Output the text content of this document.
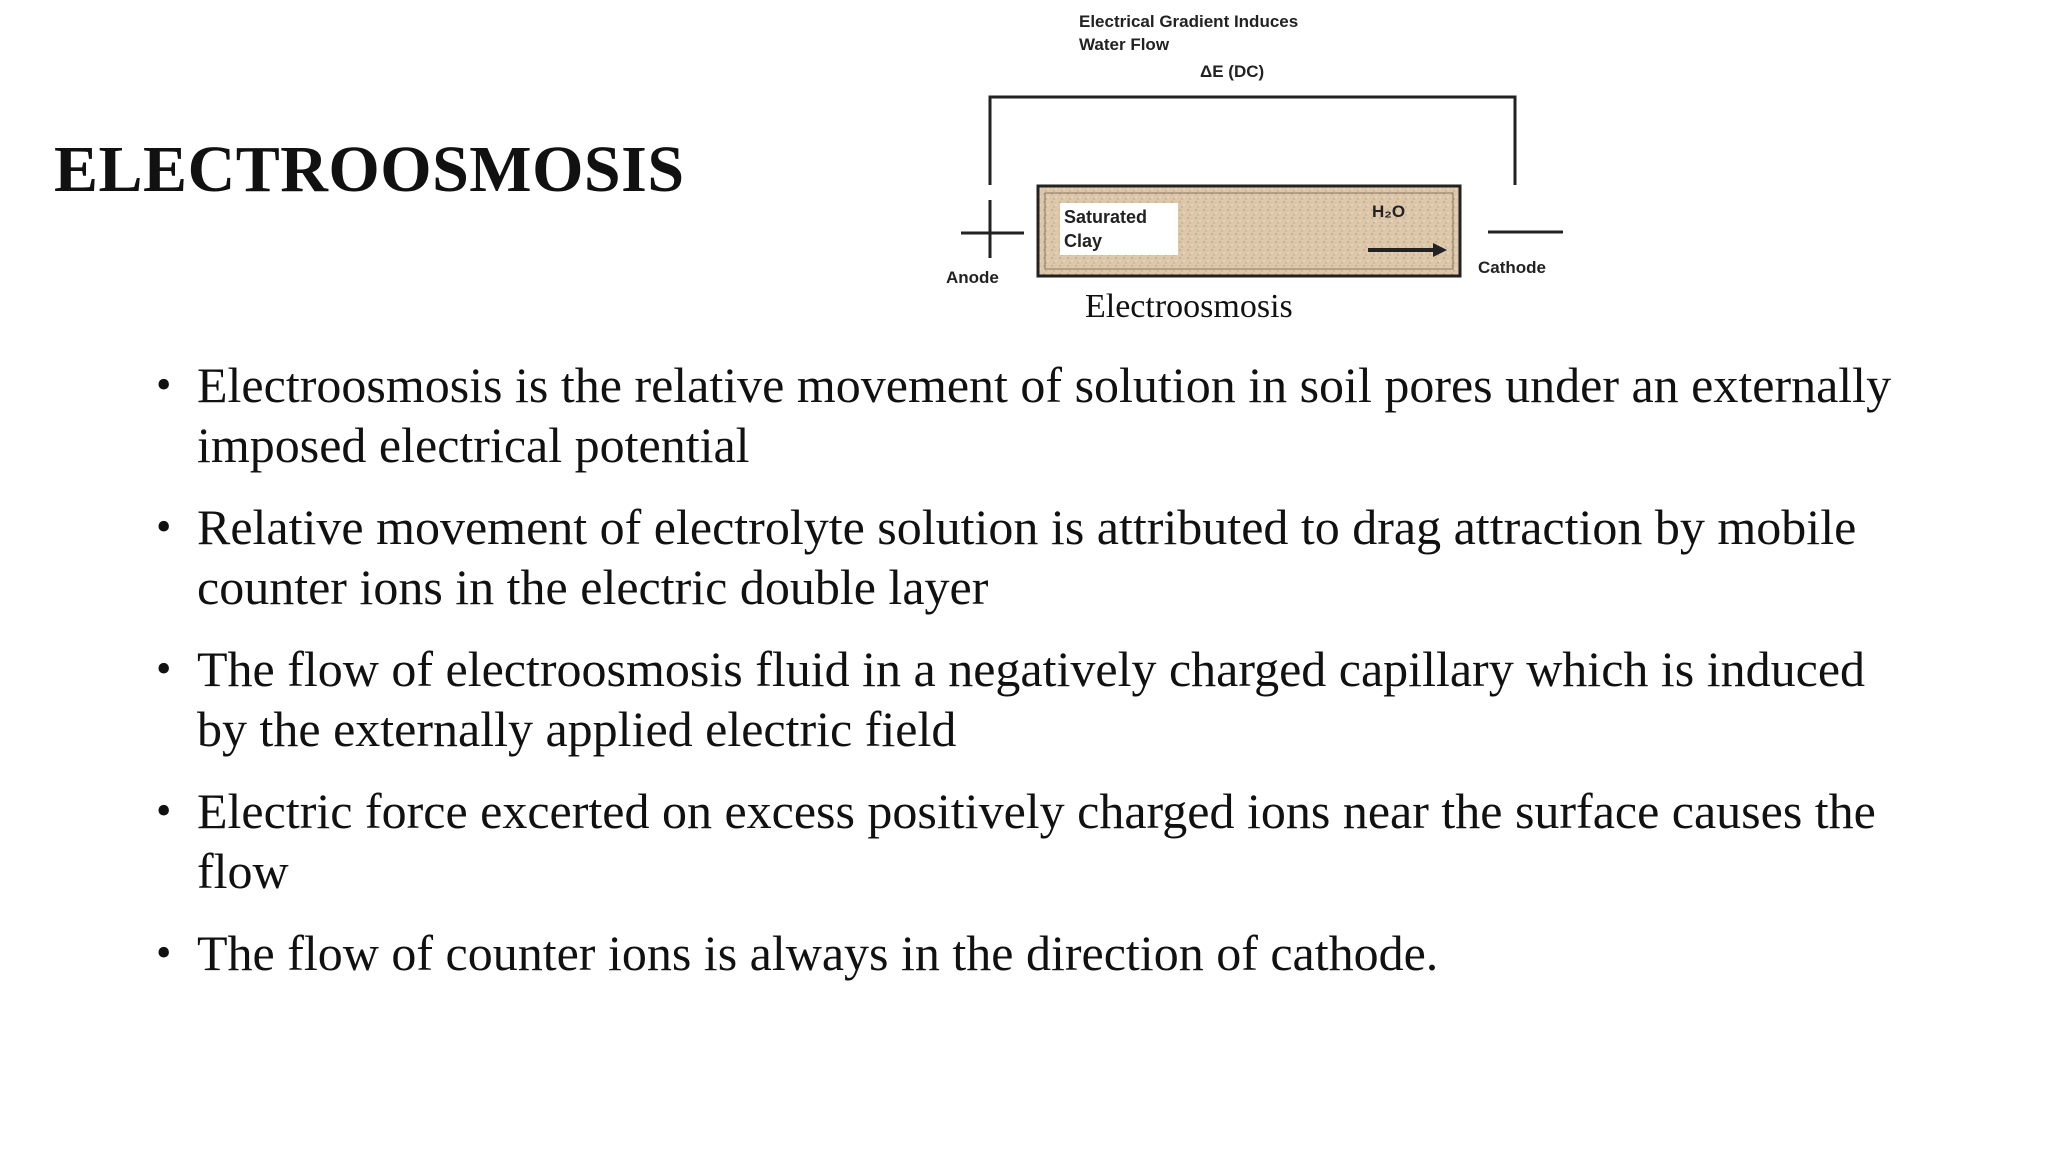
ELECTROOSMOSIS
Electrical Gradient Induces Water Flow
ΔE (DC)
Anode
Cathode
Saturated Clay
H₂O
Electroosmosis
• Electroosmosis is the relative movement of solution in soil pores under an externally imposed electrical potential
• Relative movement of electrolyte solution is attributed to drag attraction by mobile counter ions in the electric double layer
• The flow of electroosmosis fluid in a negatively charged capillary which is induced by the externally applied electric field
• Electric force excerted on excess positively charged ions near the surface causes the flow
• The flow of counter ions is always in the direction of cathode.
